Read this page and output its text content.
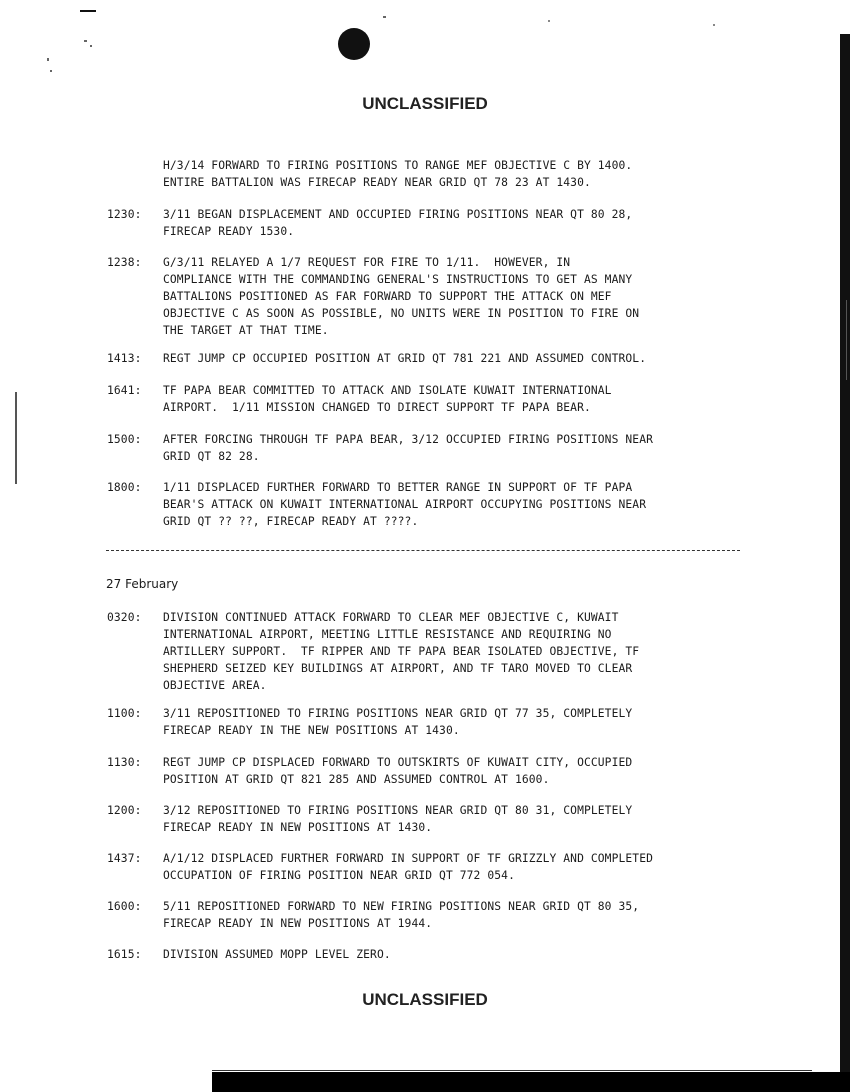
UNCLASSIFIED
H/3/14 FORWARD TO FIRING POSITIONS TO RANGE MEF OBJECTIVE C BY 1400.
ENTIRE BATTALION WAS FIRECAP READY NEAR GRID QT 78 23 AT 1430.
1230: 3/11 BEGAN DISPLACEMENT AND OCCUPIED FIRING POSITIONS NEAR QT 80 28,
FIRECAP READY 1530.
1238: G/3/11 RELAYED A 1/7 REQUEST FOR FIRE TO 1/11.  HOWEVER, IN
COMPLIANCE WITH THE COMMANDING GENERAL'S INSTRUCTIONS TO GET AS MANY
BATTALIONS POSITIONED AS FAR FORWARD TO SUPPORT THE ATTACK ON MEF
OBJECTIVE C AS SOON AS POSSIBLE, NO UNITS WERE IN POSITION TO FIRE ON
THE TARGET AT THAT TIME.
1413: REGT JUMP CP OCCUPIED POSITION AT GRID QT 781 221 AND ASSUMED CONTROL.
1641: TF PAPA BEAR COMMITTED TO ATTACK AND ISOLATE KUWAIT INTERNATIONAL
AIRPORT.  1/11 MISSION CHANGED TO DIRECT SUPPORT TF PAPA BEAR.
1500: AFTER FORCING THROUGH TF PAPA BEAR, 3/12 OCCUPIED FIRING POSITIONS NEAR
GRID QT 82 28.
1800: 1/11 DISPLACED FURTHER FORWARD TO BETTER RANGE IN SUPPORT OF TF PAPA
BEAR'S ATTACK ON KUWAIT INTERNATIONAL AIRPORT OCCUPYING POSITIONS NEAR
GRID QT ?? ??, FIRECAP READY AT ????.
27 February
0320: DIVISION CONTINUED ATTACK FORWARD TO CLEAR MEF OBJECTIVE C, KUWAIT
INTERNATIONAL AIRPORT, MEETING LITTLE RESISTANCE AND REQUIRING NO
ARTILLERY SUPPORT.  TF RIPPER AND TF PAPA BEAR ISOLATED OBJECTIVE, TF
SHEPHERD SEIZED KEY BUILDINGS AT AIRPORT, AND TF TARO MOVED TO CLEAR
OBJECTIVE AREA.
1100: 3/11 REPOSITIONED TO FIRING POSITIONS NEAR GRID QT 77 35, COMPLETELY
FIRECAP READY IN THE NEW POSITIONS AT 1430.
1130: REGT JUMP CP DISPLACED FORWARD TO OUTSKIRTS OF KUWAIT CITY, OCCUPIED
POSITION AT GRID QT 821 285 AND ASSUMED CONTROL AT 1600.
1200: 3/12 REPOSITIONED TO FIRING POSITIONS NEAR GRID QT 80 31, COMPLETELY
FIRECAP READY IN NEW POSITIONS AT 1430.
1437: A/1/12 DISPLACED FURTHER FORWARD IN SUPPORT OF TF GRIZZLY AND COMPLETED
OCCUPATION OF FIRING POSITION NEAR GRID QT 772 054.
1600: 5/11 REPOSITIONED FORWARD TO NEW FIRING POSITIONS NEAR GRID QT 80 35,
FIRECAP READY IN NEW POSITIONS AT 1944.
1615: DIVISION ASSUMED MOPP LEVEL ZERO.
UNCLASSIFIED
